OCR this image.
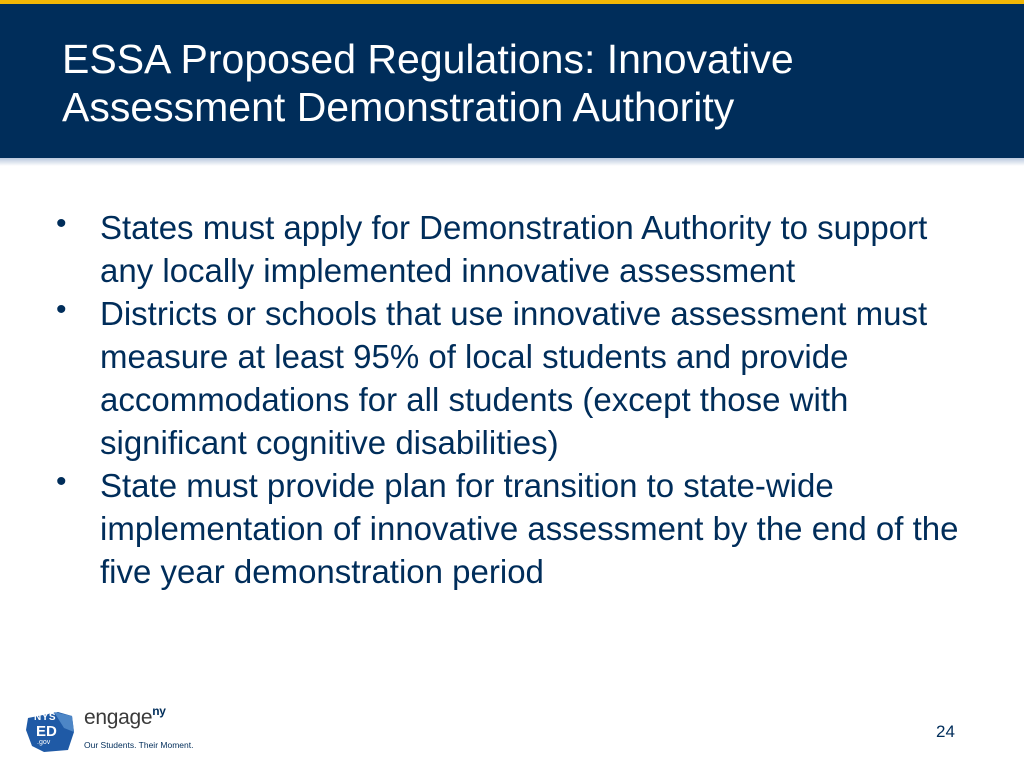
ESSA Proposed Regulations: Innovative
Assessment Demonstration Authority
• States must apply for Demonstration Authority to support any locally implemented innovative assessment
• Districts or schools that use innovative assessment must measure at least 95% of local students and provide accommodations for all students (except those with significant cognitive disabilities)
• State must provide plan for transition to state-wide implementation of innovative assessment by the end of the five year demonstration period
NYS
ED
.gov
engage$^{ny}$
Our Students. Their Moment.
24
